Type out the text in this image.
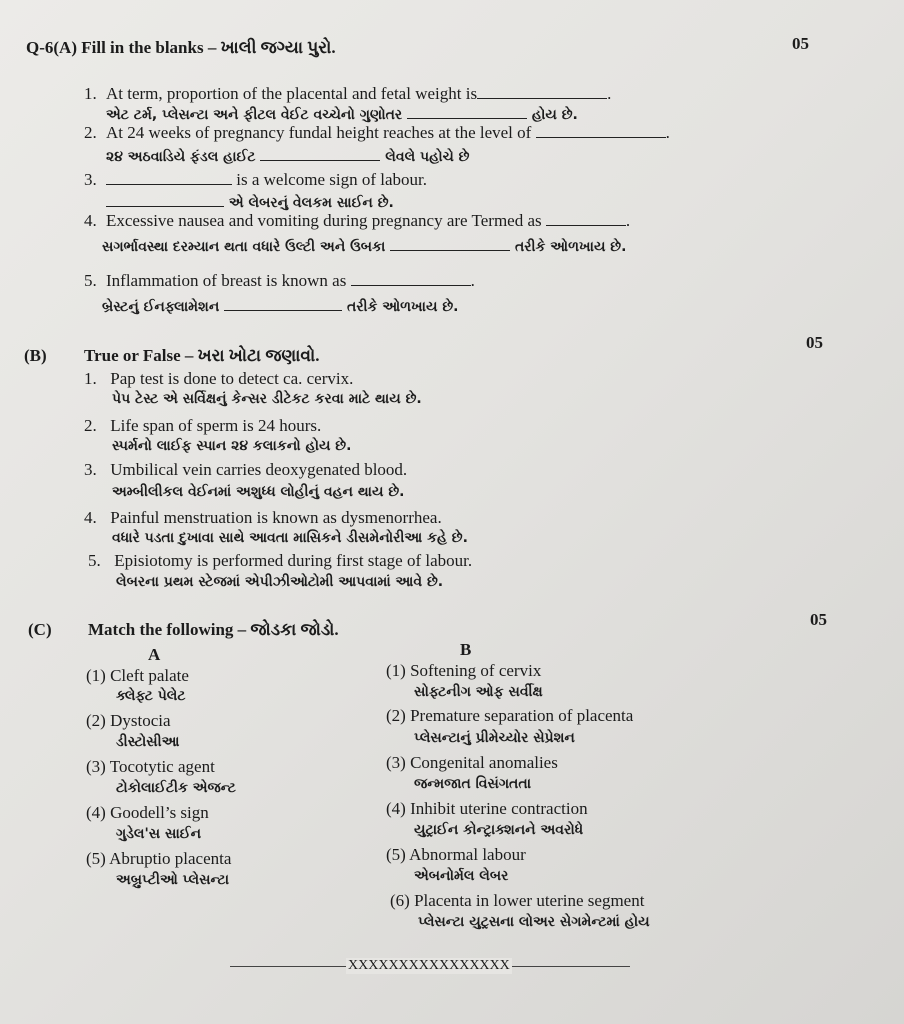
Q-6(A) Fill in the blanks – ખાલી જગ્યા પુરો.	05
1. At term, proportion of the placental and fetal weight is	.
એટ ટર્મ, પ્લેસન્ટા અને ફીટલ વેઈટ વચ્ચેનો ગુણોતર	હોય છે.
2. At 24 weeks of pregnancy fundal height reaches at the level of	.
૨૪ અઠવાડિયે ફંડલ હાઈટ	લેવલે પહોચે છે
3.	is a welcome sign of labour.
એ લેબરનું વેલકમ સાઈન છે.
4. Excessive nausea and vomiting during pregnancy are Termed as	.
સગર્ભાવસ્થા દરમ્યાન થતા વધારે ઉલ્ટી અને ઉબકા	તરીકે ઓળખાય છે.
5. Inflammation of breast is known as	.
બ્રેસ્ટનું ઈનફ્લામેશન	તરીકે ઓળખાય છે.
(B) True or False – ખરા ખોટા જણાવો.
05
1. Pap test is done to detect ca. cervix.
પેપ ટેસ્ટ એ સર્વિક્ષનું કેન્સર ડીટેકટ કરવા માટે થાય છે.
2. Life span of sperm is 24 hours.
સ્પર્મનો લાઈફ સ્પાન ૨૪ કલાકનો હોય છે.
3. Umbilical vein carries deoxygenated blood.
અમ્બીલીકલ વેઈનમાં અશુધ્ધ લોહીનું વહન થાય છે.
4. Painful menstruation is known as dysmenorrhea.
વધારે પડતા દુખાવા સાથે આવતા માસિકને ડીસમેનોરીઆ કહે છે.
5. Episiotomy is performed during first stage of labour.
લેબરના પ્રથમ સ્ટેજમાં એપીઝીઓટોમી આપવામાં આવે છે.
(C) Match the following – જોડકા જોડો.
05
A	B
(1) Cleft palate
ક્લેફ્ટ પેલેટ
(2) Dystocia
ડીસ્ટોસીઆ
(3) Tocotytic agent
ટોકોલાઈટીક એજન્ટ
(4) Goodell’s sign
ગુડેલ'સ સાઈન
(5) Abruptio placenta
અબ્રુપ્ટીઓ પ્લેસન્ટા
(1) Softening of cervix
સોફ્ટનીગ ઓફ સર્વીક્ષ
(2) Premature separation of placenta
પ્લેસન્ટાનું પ્રીમેચ્યોર સેપ્રેશન
(3) Congenital anomalies
જન્મજાત વિસંગતતા
(4) Inhibit uterine contraction
યુટ્રાઈન કોન્ટ્રાક્શનને અવરોધે
(5) Abnormal labour
એબનોર્મલ લેબર
(6) Placenta in lower uterine segment
પ્લેસન્ટા યુટ્રસના લોઅર સેગમેન્ટમાં હોય
XXXXXXXXXXXXXXXX
